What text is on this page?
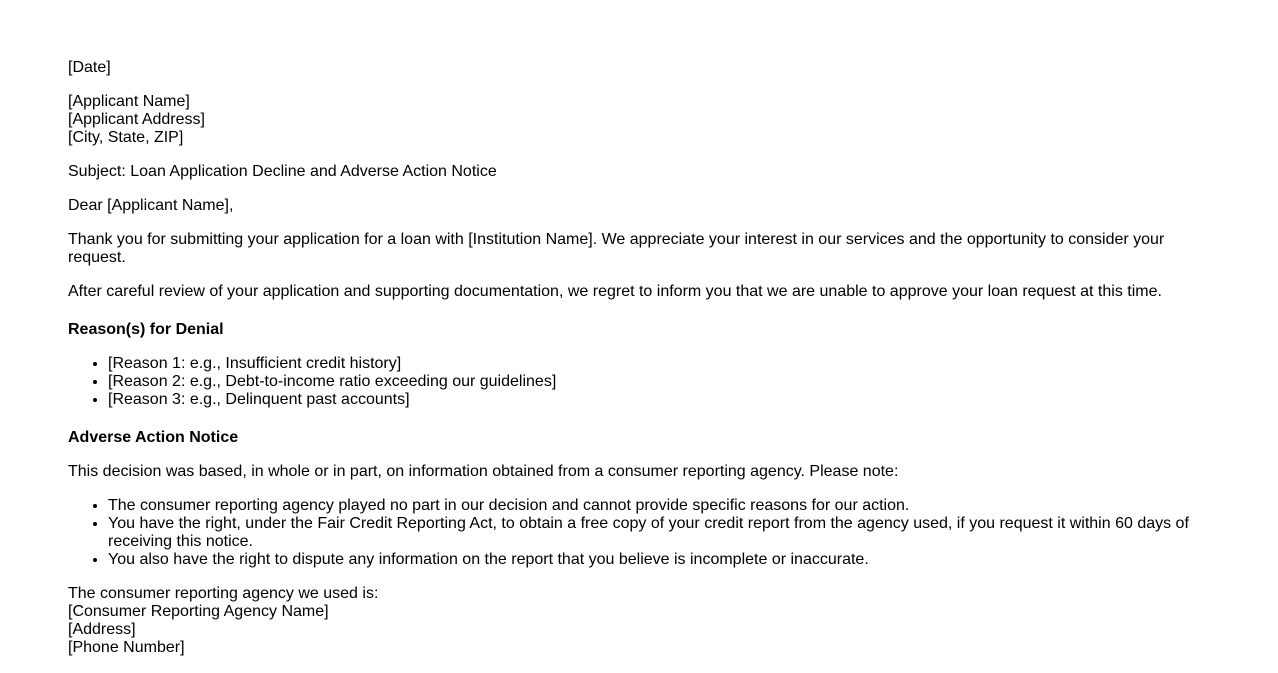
[Date]

[Applicant Name]
[Applicant Address]
[City, State, ZIP]

Subject: Loan Application Decline and Adverse Action Notice

Dear [Applicant Name],

Thank you for submitting your application for a loan with [Institution Name]. We appreciate your interest in our services and the opportunity to consider your request.

After careful review of your application and supporting documentation, we regret to inform you that we are unable to approve your loan request at this time.

Reason(s) for Denial
• [Reason 1: e.g., Insufficient credit history]
• [Reason 2: e.g., Debt-to-income ratio exceeding our guidelines]
• [Reason 3: e.g., Delinquent past accounts]
Adverse Action Notice

This decision was based, in whole or in part, on information obtained from a consumer reporting agency. Please note:

• The consumer reporting agency played no part in our decision and cannot provide specific reasons for our action.
• You have the right, under the Fair Credit Reporting Act, to obtain a free copy of your credit report from the agency used, if you request it within 60 days of receiving this notice.
• You also have the right to dispute any information on the report that you believe is incomplete or inaccurate.

The consumer reporting agency we used is:
[Consumer Reporting Agency Name]
[Address]
[Phone Number]
